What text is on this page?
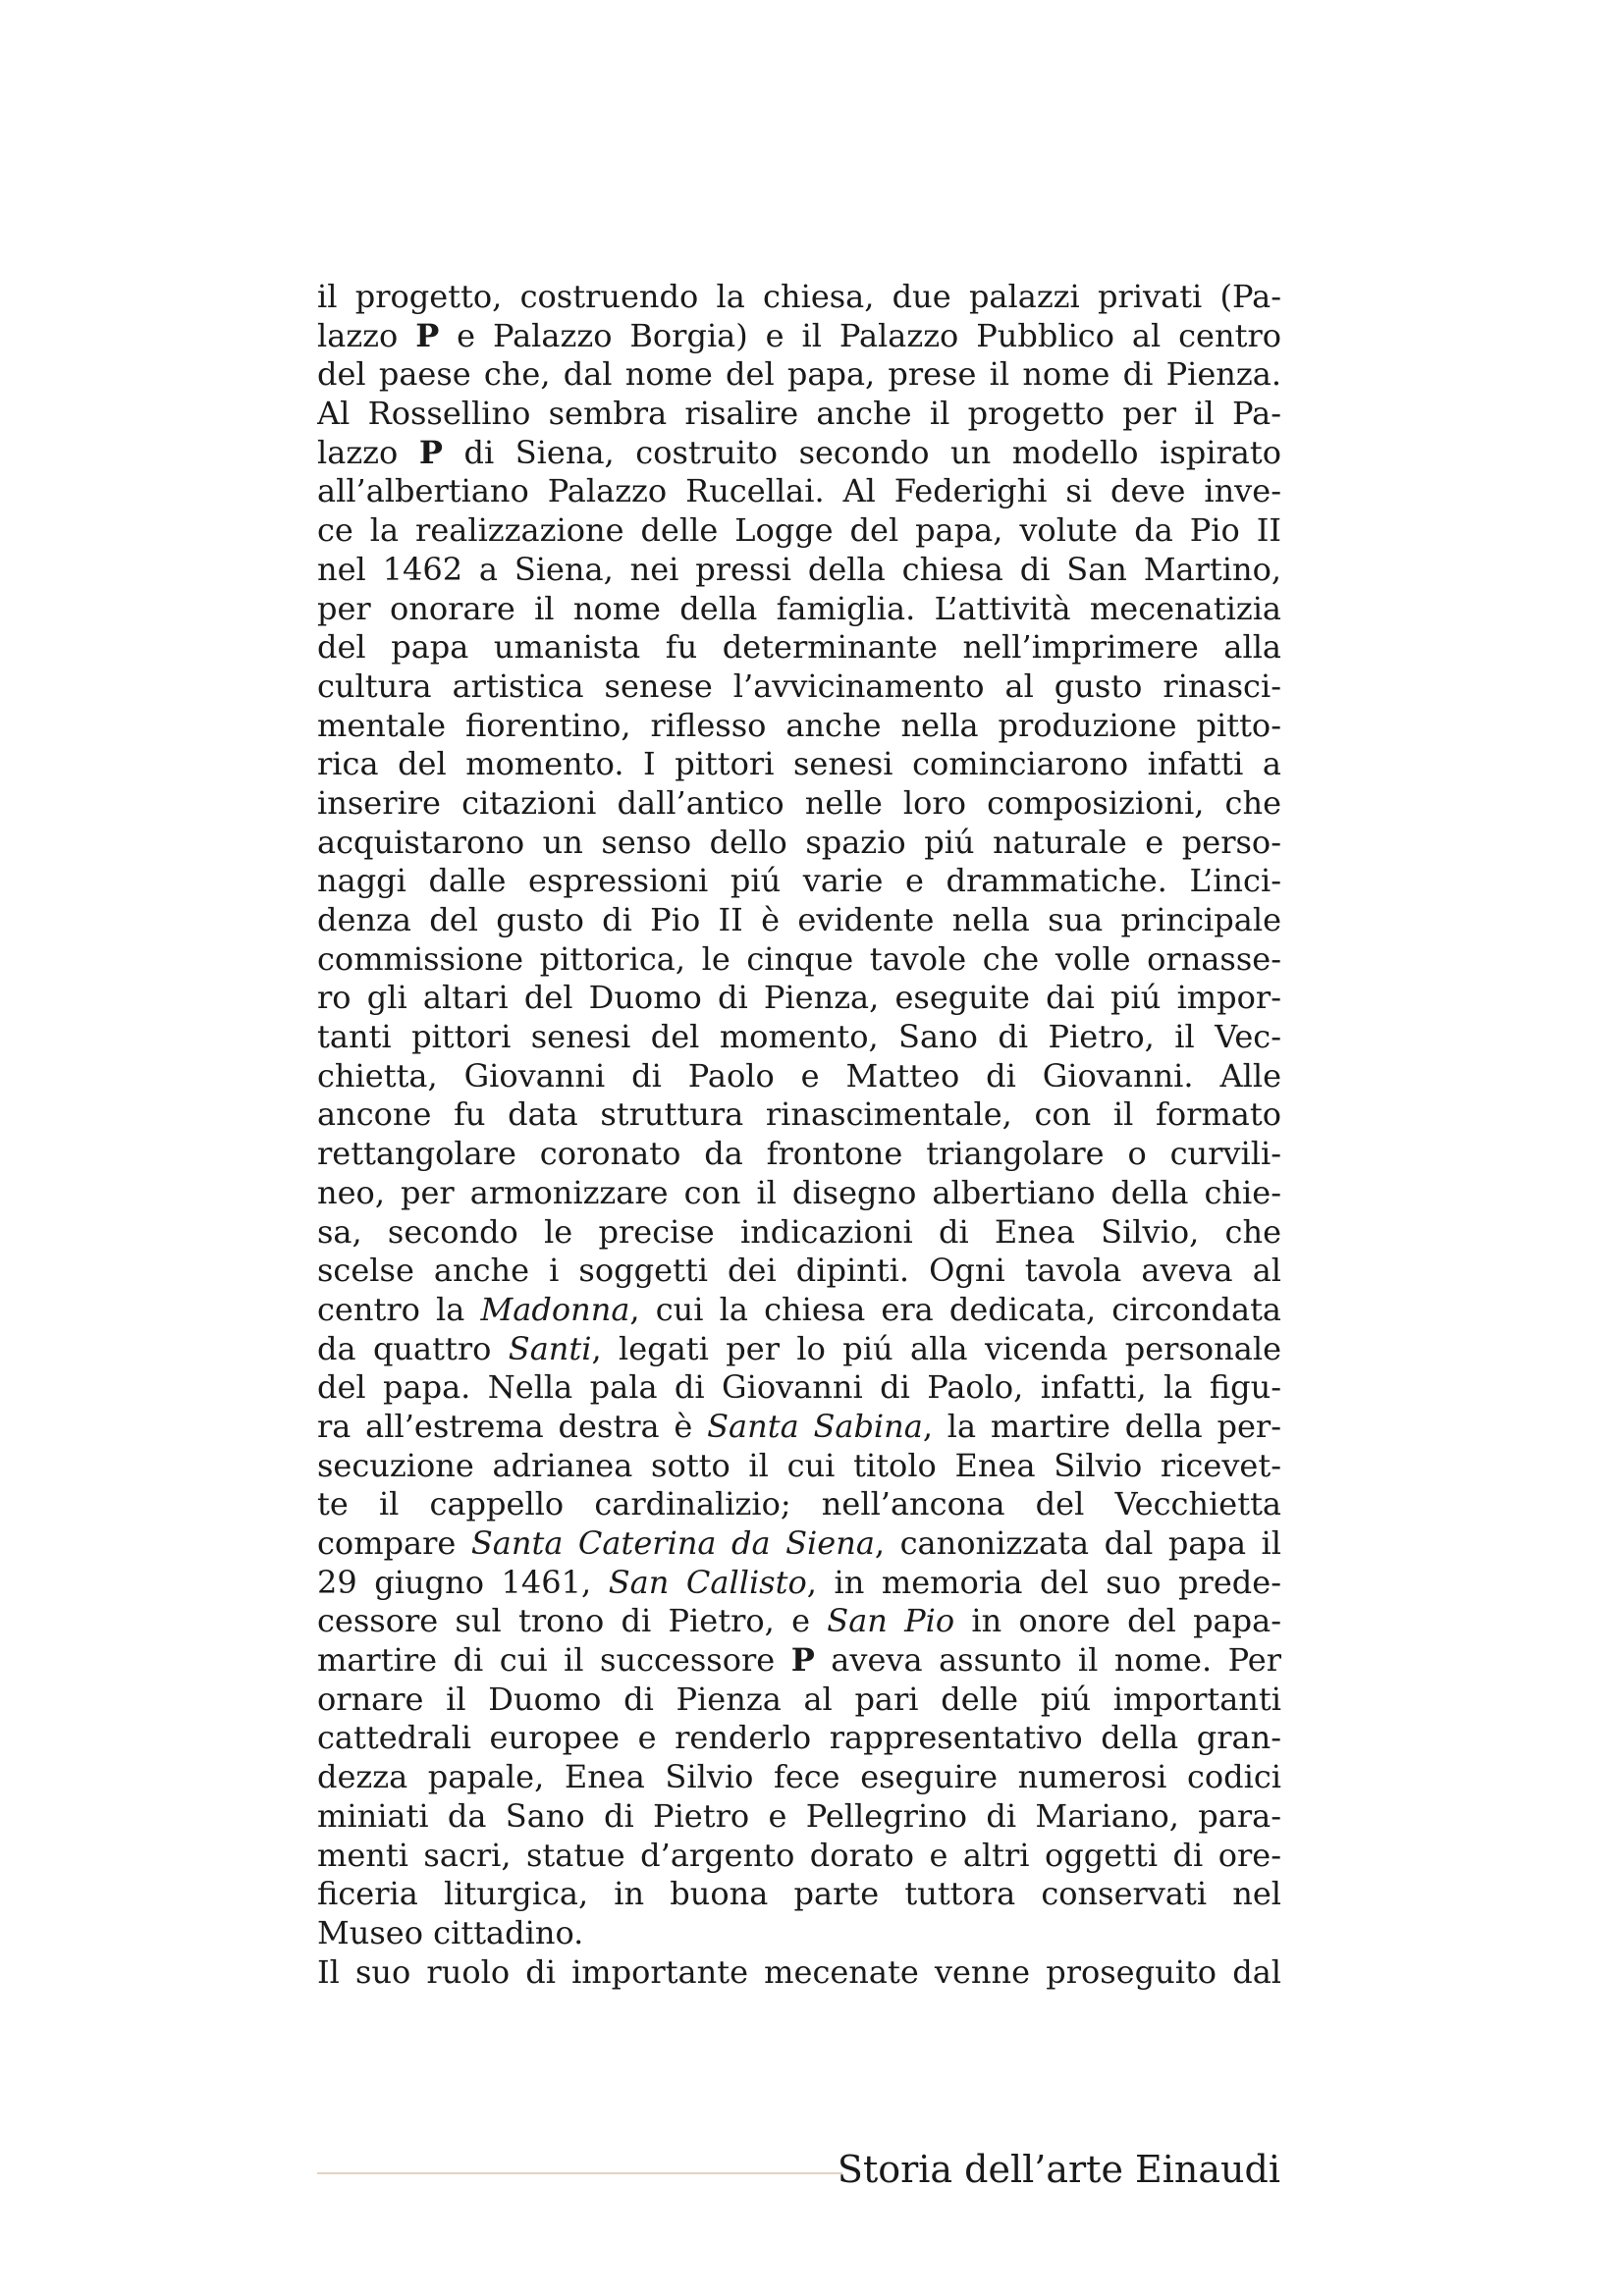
il progetto, costruendo la chiesa, due palazzi privati (Pa-
lazzo P e Palazzo Borgia) e il Palazzo Pubblico al centro
del paese che, dal nome del papa, prese il nome di Pienza.
Al Rossellino sembra risalire anche il progetto per il Pa-
lazzo P di Siena, costruito secondo un modello ispirato
all’albertiano Palazzo Rucellai. Al Federighi si deve inve-
ce la realizzazione delle Logge del papa, volute da Pio II
nel 1462 a Siena, nei pressi della chiesa di San Martino,
per onorare il nome della famiglia. L’attività mecenatizia
del papa umanista fu determinante nell’imprimere alla
cultura artistica senese l’avvicinamento al gusto rinasci-
mentale fiorentino, riflesso anche nella produzione pitto-
rica del momento. I pittori senesi cominciarono infatti a
inserire citazioni dall’antico nelle loro composizioni, che
acquistarono un senso dello spazio piú naturale e perso-
naggi dalle espressioni piú varie e drammatiche. L’inci-
denza del gusto di Pio II è evidente nella sua principale
commissione pittorica, le cinque tavole che volle ornasse-
ro gli altari del Duomo di Pienza, eseguite dai piú impor-
tanti pittori senesi del momento, Sano di Pietro, il Vec-
chietta, Giovanni di Paolo e Matteo di Giovanni. Alle
ancone fu data struttura rinascimentale, con il formato
rettangolare coronato da frontone triangolare o curvili-
neo, per armonizzare con il disegno albertiano della chie-
sa, secondo le precise indicazioni di Enea Silvio, che
scelse anche i soggetti dei dipinti. Ogni tavola aveva al
centro la Madonna, cui la chiesa era dedicata, circondata
da quattro Santi, legati per lo piú alla vicenda personale
del papa. Nella pala di Giovanni di Paolo, infatti, la figu-
ra all’estrema destra è Santa Sabina, la martire della per-
secuzione adrianea sotto il cui titolo Enea Silvio ricevet-
te il cappello cardinalizio; nell’ancona del Vecchietta
compare Santa Caterina da Siena, canonizzata dal papa il
29 giugno 1461, San Callisto, in memoria del suo prede-
cessore sul trono di Pietro, e San Pio in onore del papa-
martire di cui il successore P aveva assunto il nome. Per
ornare il Duomo di Pienza al pari delle piú importanti
cattedrali europee e renderlo rappresentativo della gran-
dezza papale, Enea Silvio fece eseguire numerosi codici
miniati da Sano di Pietro e Pellegrino di Mariano, para-
menti sacri, statue d’argento dorato e altri oggetti di ore-
ficeria liturgica, in buona parte tuttora conservati nel
Museo cittadino.
Il suo ruolo di importante mecenate venne proseguito dal
Storia dell’arte Einaudi
